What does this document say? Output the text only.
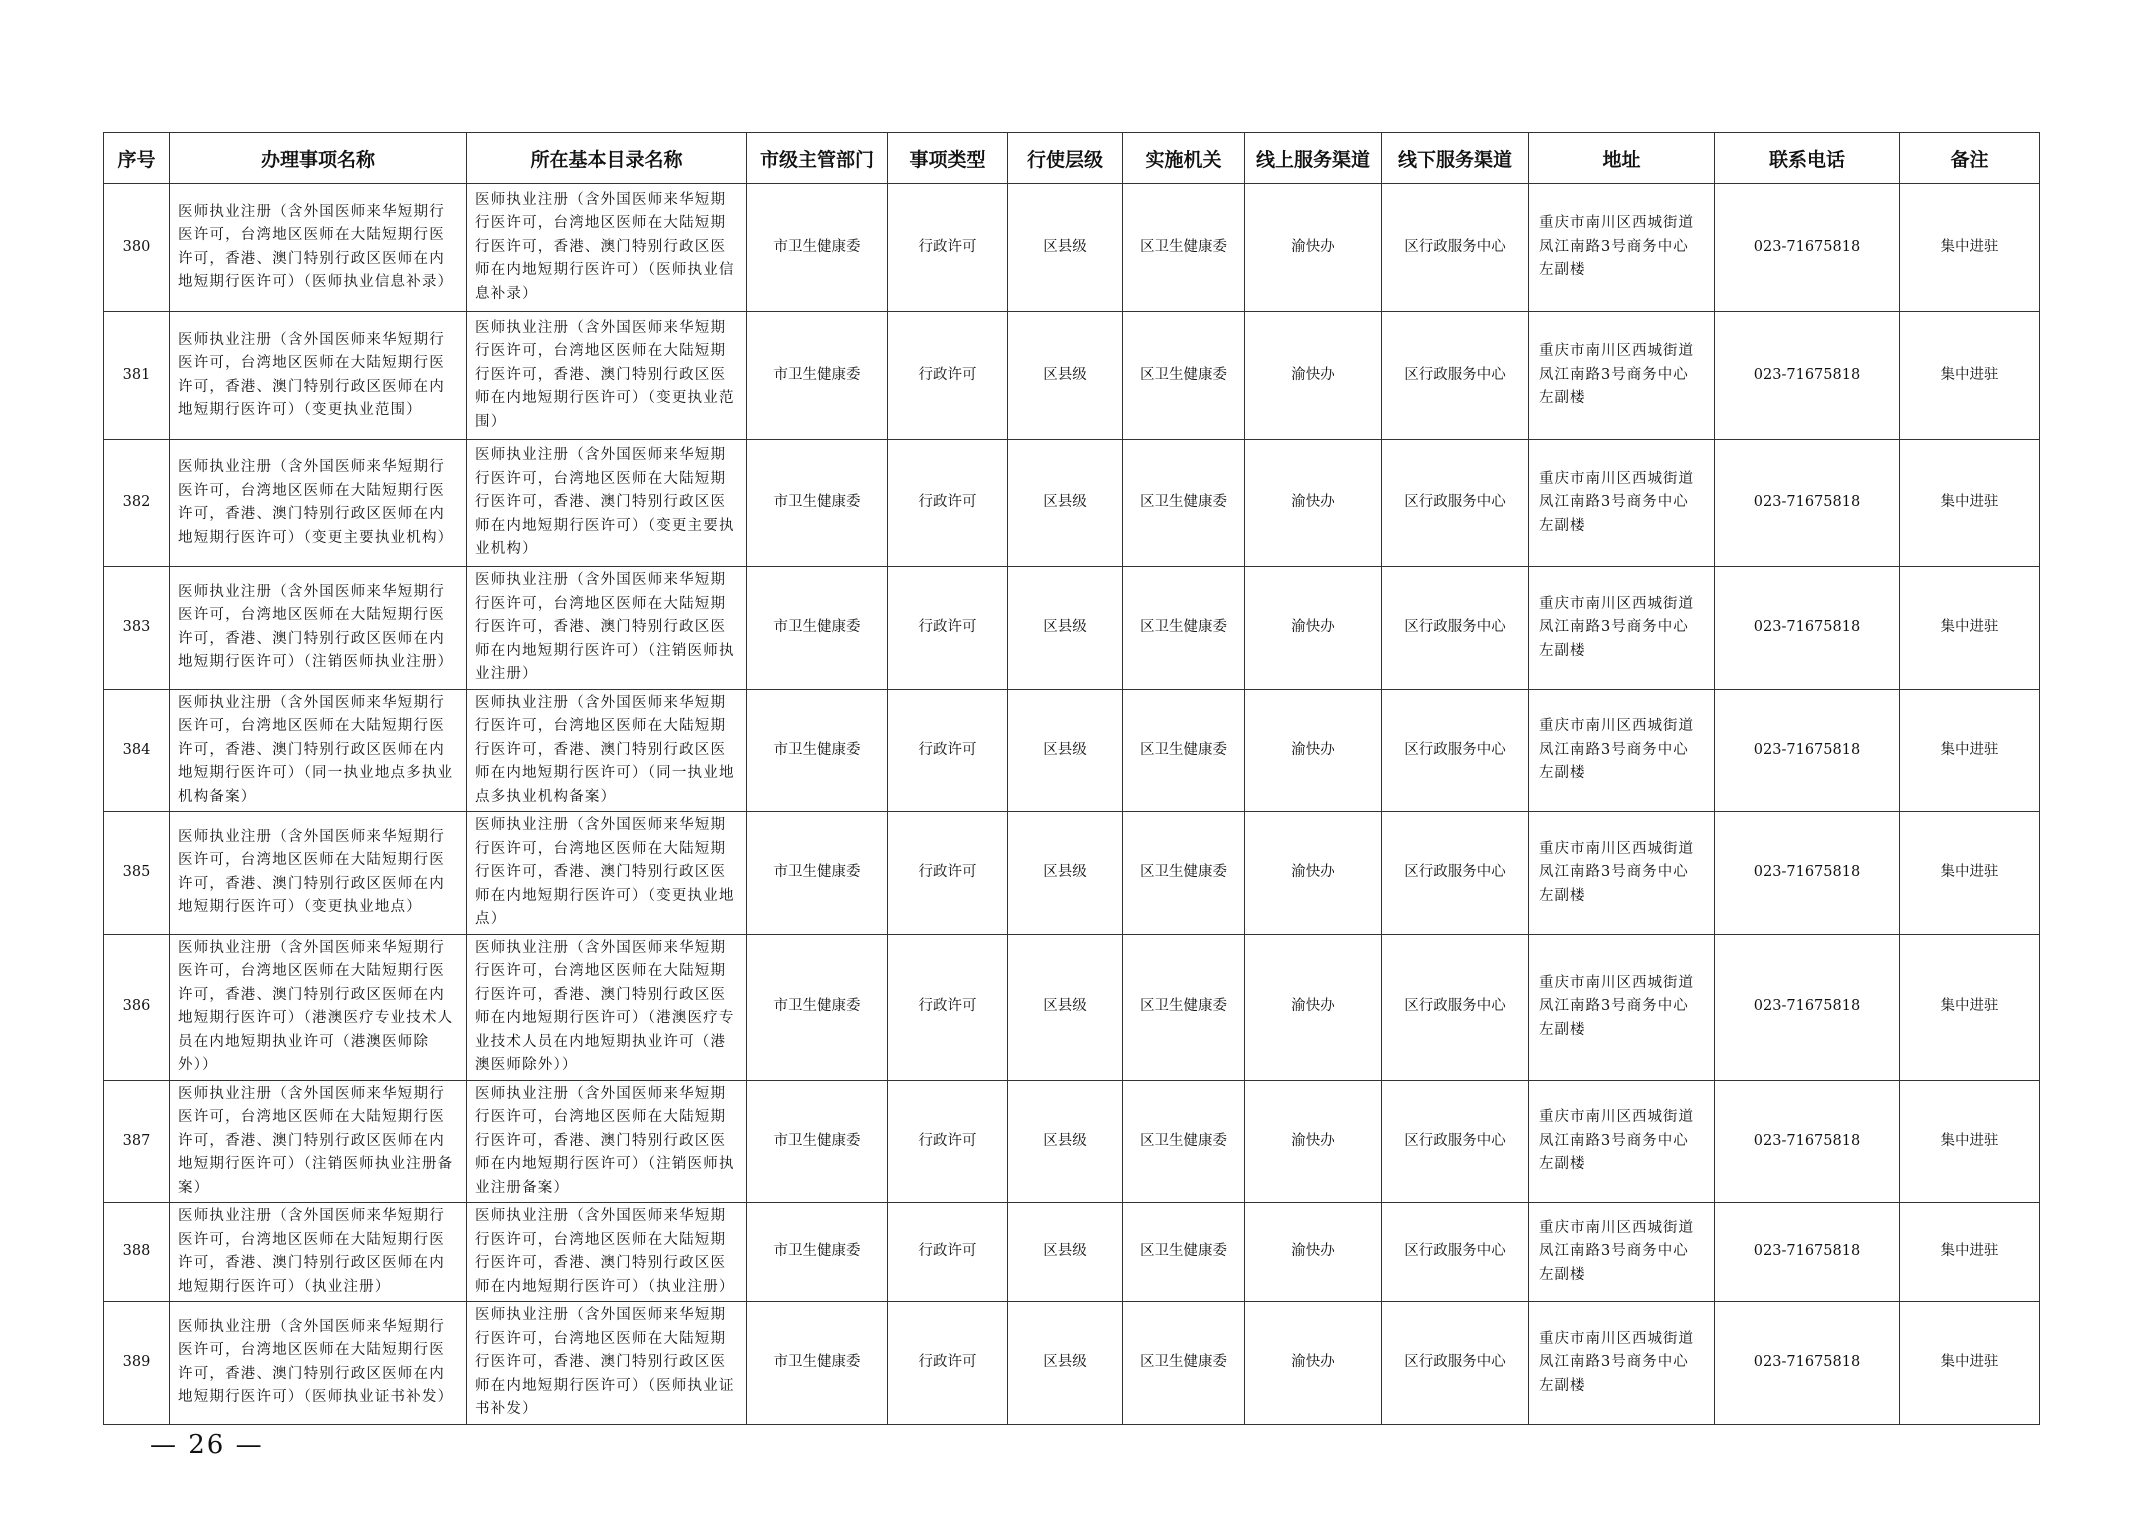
序号	办理事项名称	所在基本目录名称	市级主管部门	事项类型	行使层级	实施机关	线上服务渠道	线下服务渠道	地址	联系电话	备注
380	医师执业注册（含外国医师来华短期行医许可，台湾地区医师在大陆短期行医许可，香港、澳门特别行政区医师在内地短期行医许可）（医师执业信息补录）	医师执业注册（含外国医师来华短期行医许可，台湾地区医师在大陆短期行医许可，香港、澳门特别行政区医师在内地短期行医许可）（医师执业信息补录）	市卫生健康委	行政许可	区县级	区卫生健康委	渝快办	区行政服务中心	重庆市南川区西城街道凤江南路3号商务中心左副楼	023-71675818	集中进驻
381	医师执业注册（含外国医师来华短期行医许可，台湾地区医师在大陆短期行医许可，香港、澳门特别行政区医师在内地短期行医许可）（变更执业范围）	医师执业注册（含外国医师来华短期行医许可，台湾地区医师在大陆短期行医许可，香港、澳门特别行政区医师在内地短期行医许可）（变更执业范围）	市卫生健康委	行政许可	区县级	区卫生健康委	渝快办	区行政服务中心	重庆市南川区西城街道凤江南路3号商务中心左副楼	023-71675818	集中进驻
382	医师执业注册（含外国医师来华短期行医许可，台湾地区医师在大陆短期行医许可，香港、澳门特别行政区医师在内地短期行医许可）（变更主要执业机构）	医师执业注册（含外国医师来华短期行医许可，台湾地区医师在大陆短期行医许可，香港、澳门特别行政区医师在内地短期行医许可）（变更主要执业机构）	市卫生健康委	行政许可	区县级	区卫生健康委	渝快办	区行政服务中心	重庆市南川区西城街道凤江南路3号商务中心左副楼	023-71675818	集中进驻
383	医师执业注册（含外国医师来华短期行医许可，台湾地区医师在大陆短期行医许可，香港、澳门特别行政区医师在内地短期行医许可）（注销医师执业注册）	医师执业注册（含外国医师来华短期行医许可，台湾地区医师在大陆短期行医许可，香港、澳门特别行政区医师在内地短期行医许可）（注销医师执业注册）	市卫生健康委	行政许可	区县级	区卫生健康委	渝快办	区行政服务中心	重庆市南川区西城街道凤江南路3号商务中心左副楼	023-71675818	集中进驻
384	医师执业注册（含外国医师来华短期行医许可，台湾地区医师在大陆短期行医许可，香港、澳门特别行政区医师在内地短期行医许可）（同一执业地点多执业机构备案）	医师执业注册（含外国医师来华短期行医许可，台湾地区医师在大陆短期行医许可，香港、澳门特别行政区医师在内地短期行医许可）（同一执业地点多执业机构备案）	市卫生健康委	行政许可	区县级	区卫生健康委	渝快办	区行政服务中心	重庆市南川区西城街道凤江南路3号商务中心左副楼	023-71675818	集中进驻
385	医师执业注册（含外国医师来华短期行医许可，台湾地区医师在大陆短期行医许可，香港、澳门特别行政区医师在内地短期行医许可）（变更执业地点）	医师执业注册（含外国医师来华短期行医许可，台湾地区医师在大陆短期行医许可，香港、澳门特别行政区医师在内地短期行医许可）（变更执业地点）	市卫生健康委	行政许可	区县级	区卫生健康委	渝快办	区行政服务中心	重庆市南川区西城街道凤江南路3号商务中心左副楼	023-71675818	集中进驻
386	医师执业注册（含外国医师来华短期行医许可，台湾地区医师在大陆短期行医许可，香港、澳门特别行政区医师在内地短期行医许可）（港澳医疗专业技术人员在内地短期执业许可（港澳医师除外））	医师执业注册（含外国医师来华短期行医许可，台湾地区医师在大陆短期行医许可，香港、澳门特别行政区医师在内地短期行医许可）（港澳医疗专业技术人员在内地短期执业许可（港澳医师除外））	市卫生健康委	行政许可	区县级	区卫生健康委	渝快办	区行政服务中心	重庆市南川区西城街道凤江南路3号商务中心左副楼	023-71675818	集中进驻
387	医师执业注册（含外国医师来华短期行医许可，台湾地区医师在大陆短期行医许可，香港、澳门特别行政区医师在内地短期行医许可）（注销医师执业注册备案）	医师执业注册（含外国医师来华短期行医许可，台湾地区医师在大陆短期行医许可，香港、澳门特别行政区医师在内地短期行医许可）（注销医师执业注册备案）	市卫生健康委	行政许可	区县级	区卫生健康委	渝快办	区行政服务中心	重庆市南川区西城街道凤江南路3号商务中心左副楼	023-71675818	集中进驻
388	医师执业注册（含外国医师来华短期行医许可，台湾地区医师在大陆短期行医许可，香港、澳门特别行政区医师在内地短期行医许可）（执业注册）	医师执业注册（含外国医师来华短期行医许可，台湾地区医师在大陆短期行医许可，香港、澳门特别行政区医师在内地短期行医许可）（执业注册）	市卫生健康委	行政许可	区县级	区卫生健康委	渝快办	区行政服务中心	重庆市南川区西城街道凤江南路3号商务中心左副楼	023-71675818	集中进驻
389	医师执业注册（含外国医师来华短期行医许可，台湾地区医师在大陆短期行医许可，香港、澳门特别行政区医师在内地短期行医许可）（医师执业证书补发）	医师执业注册（含外国医师来华短期行医许可，台湾地区医师在大陆短期行医许可，香港、澳门特别行政区医师在内地短期行医许可）（医师执业证书补发）	市卫生健康委	行政许可	区县级	区卫生健康委	渝快办	区行政服务中心	重庆市南川区西城街道凤江南路3号商务中心左副楼	023-71675818	集中进驻
— 26 —
